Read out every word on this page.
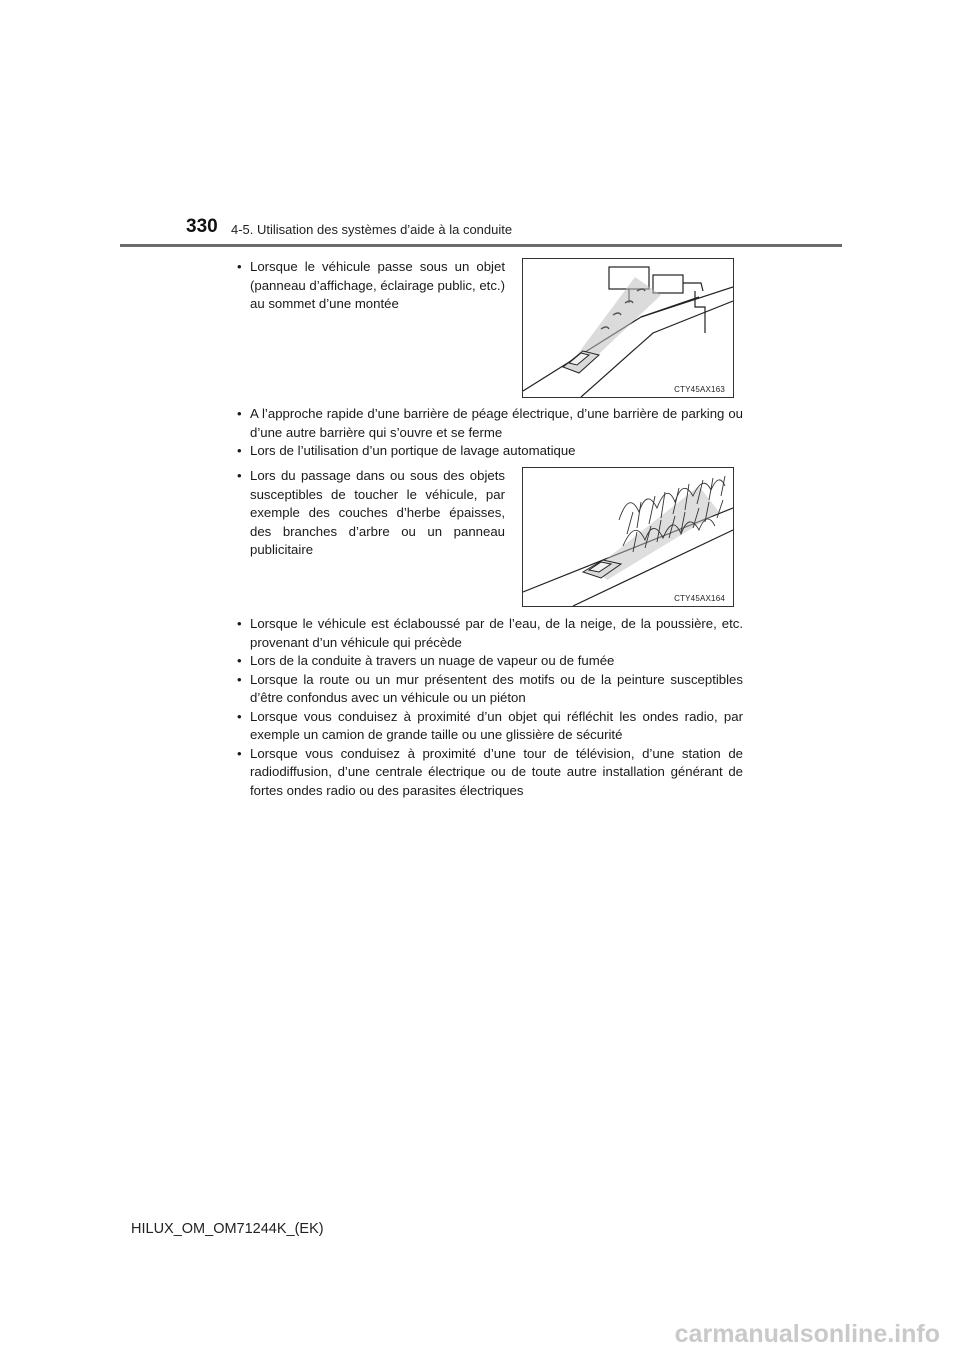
330 4-5. Utilisation des systèmes d’aide à la conduite
• Lorsque le véhicule passe sous un objet (panneau d’affichage, éclairage public, etc.) au sommet d’une montée
CTY45AX163
• A l’approche rapide d’une barrière de péage électrique, d’une barrière de parking ou d’une autre barrière qui s’ouvre et se ferme
• Lors de l’utilisation d’un portique de lavage automatique
• Lors du passage dans ou sous des objets susceptibles de toucher le véhicule, par exemple des couches d’herbe épaisses, des branches d’arbre ou un panneau publicitaire
CTY45AX164
• Lorsque le véhicule est éclaboussé par de l’eau, de la neige, de la poussière, etc. provenant d’un véhicule qui précède
• Lors de la conduite à travers un nuage de vapeur ou de fumée
• Lorsque la route ou un mur présentent des motifs ou de la peinture susceptibles d’être confondus avec un véhicule ou un piéton
• Lorsque vous conduisez à proximité d’un objet qui réfléchit les ondes radio, par exemple un camion de grande taille ou une glissière de sécurité
• Lorsque vous conduisez à proximité d’une tour de télévision, d’une station de radiodiffusion, d’une centrale électrique ou de toute autre installation générant de fortes ondes radio ou des parasites électriques
HILUX_OM_OM71244K_(EK)
carmanualsonline.info
